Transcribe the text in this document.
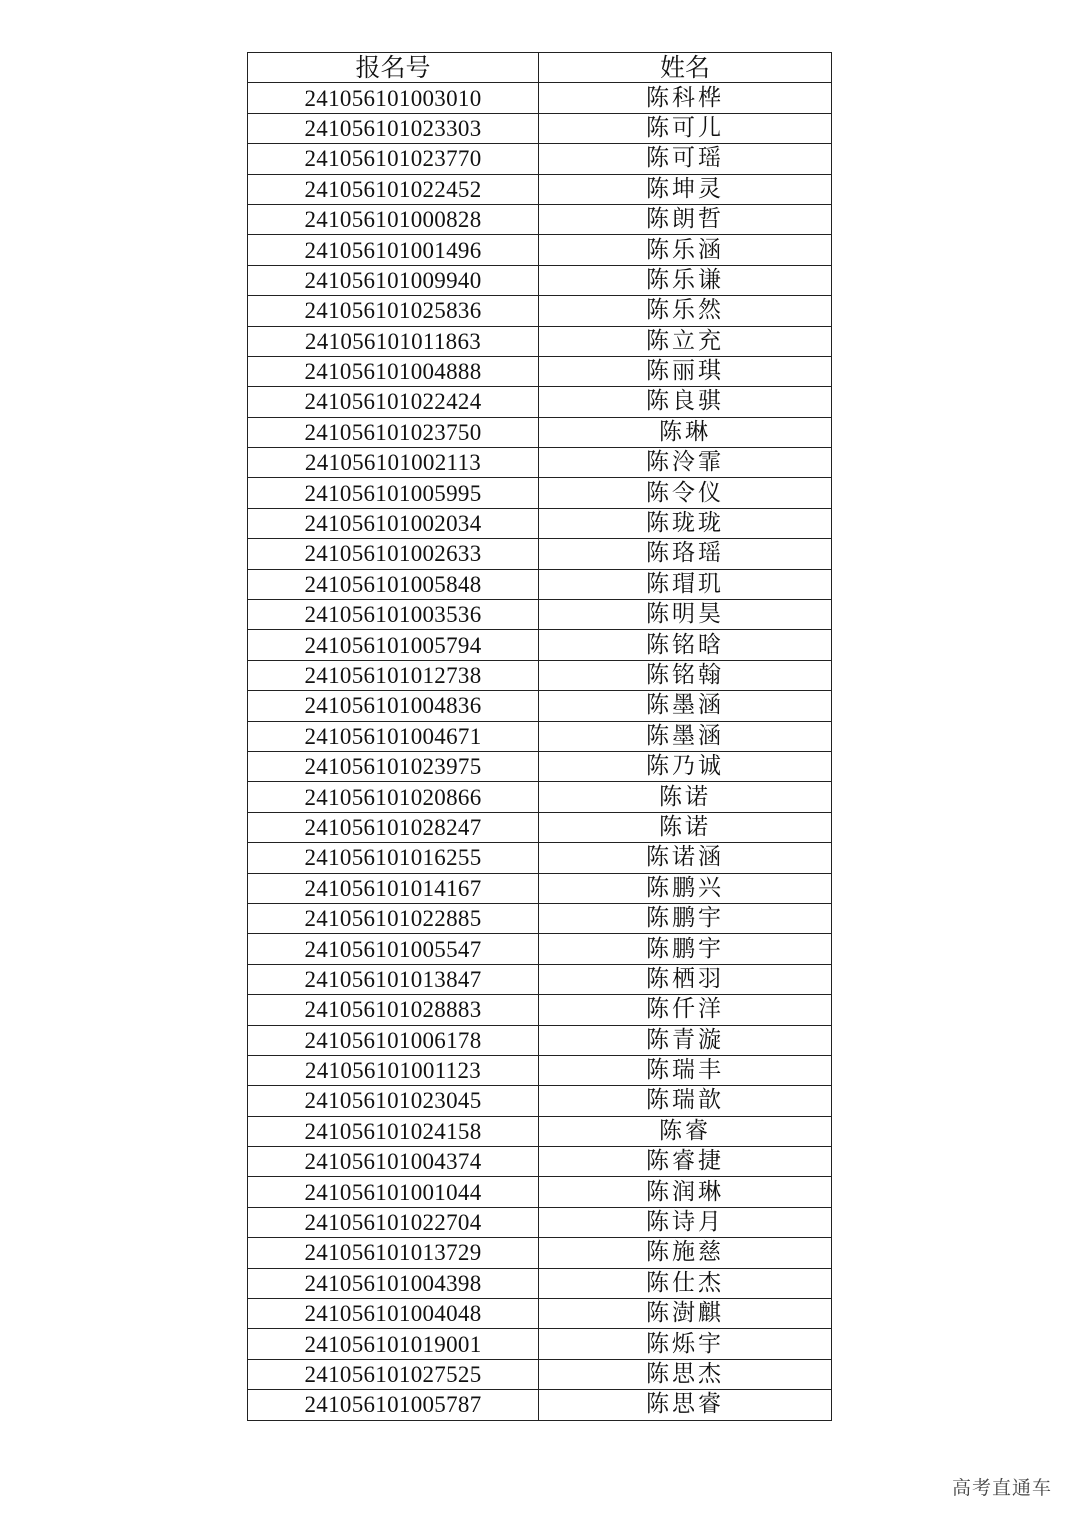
报名号	姓名
241056101003010	陈科桦
241056101023303	陈可儿
241056101023770	陈可瑶
241056101022452	陈坤灵
241056101000828	陈朗哲
241056101001496	陈乐涵
241056101009940	陈乐谦
241056101025836	陈乐然
241056101011863	陈立充
241056101004888	陈丽琪
241056101022424	陈良骐
241056101023750	陈琳
241056101002113	陈泠霏
241056101005995	陈令仪
241056101002034	陈珑珑
241056101002633	陈珞瑶
241056101005848	陈瑁玑
241056101003536	陈明昊
241056101005794	陈铭晗
241056101012738	陈铭翰
241056101004836	陈墨涵
241056101004671	陈墨涵
241056101023975	陈乃诚
241056101020866	陈诺
241056101028247	陈诺
241056101016255	陈诺涵
241056101014167	陈鹏兴
241056101022885	陈鹏宇
241056101005547	陈鹏宇
241056101013847	陈栖羽
241056101028883	陈仟洋
241056101006178	陈青漩
241056101001123	陈瑞丰
241056101023045	陈瑞歆
241056101024158	陈睿
241056101004374	陈睿捷
241056101001044	陈润琳
241056101022704	陈诗月
241056101013729	陈施慈
241056101004398	陈仕杰
241056101004048	陈澍麒
241056101019001	陈烁宇
241056101027525	陈思杰
241056101005787	陈思睿
高考直通车
